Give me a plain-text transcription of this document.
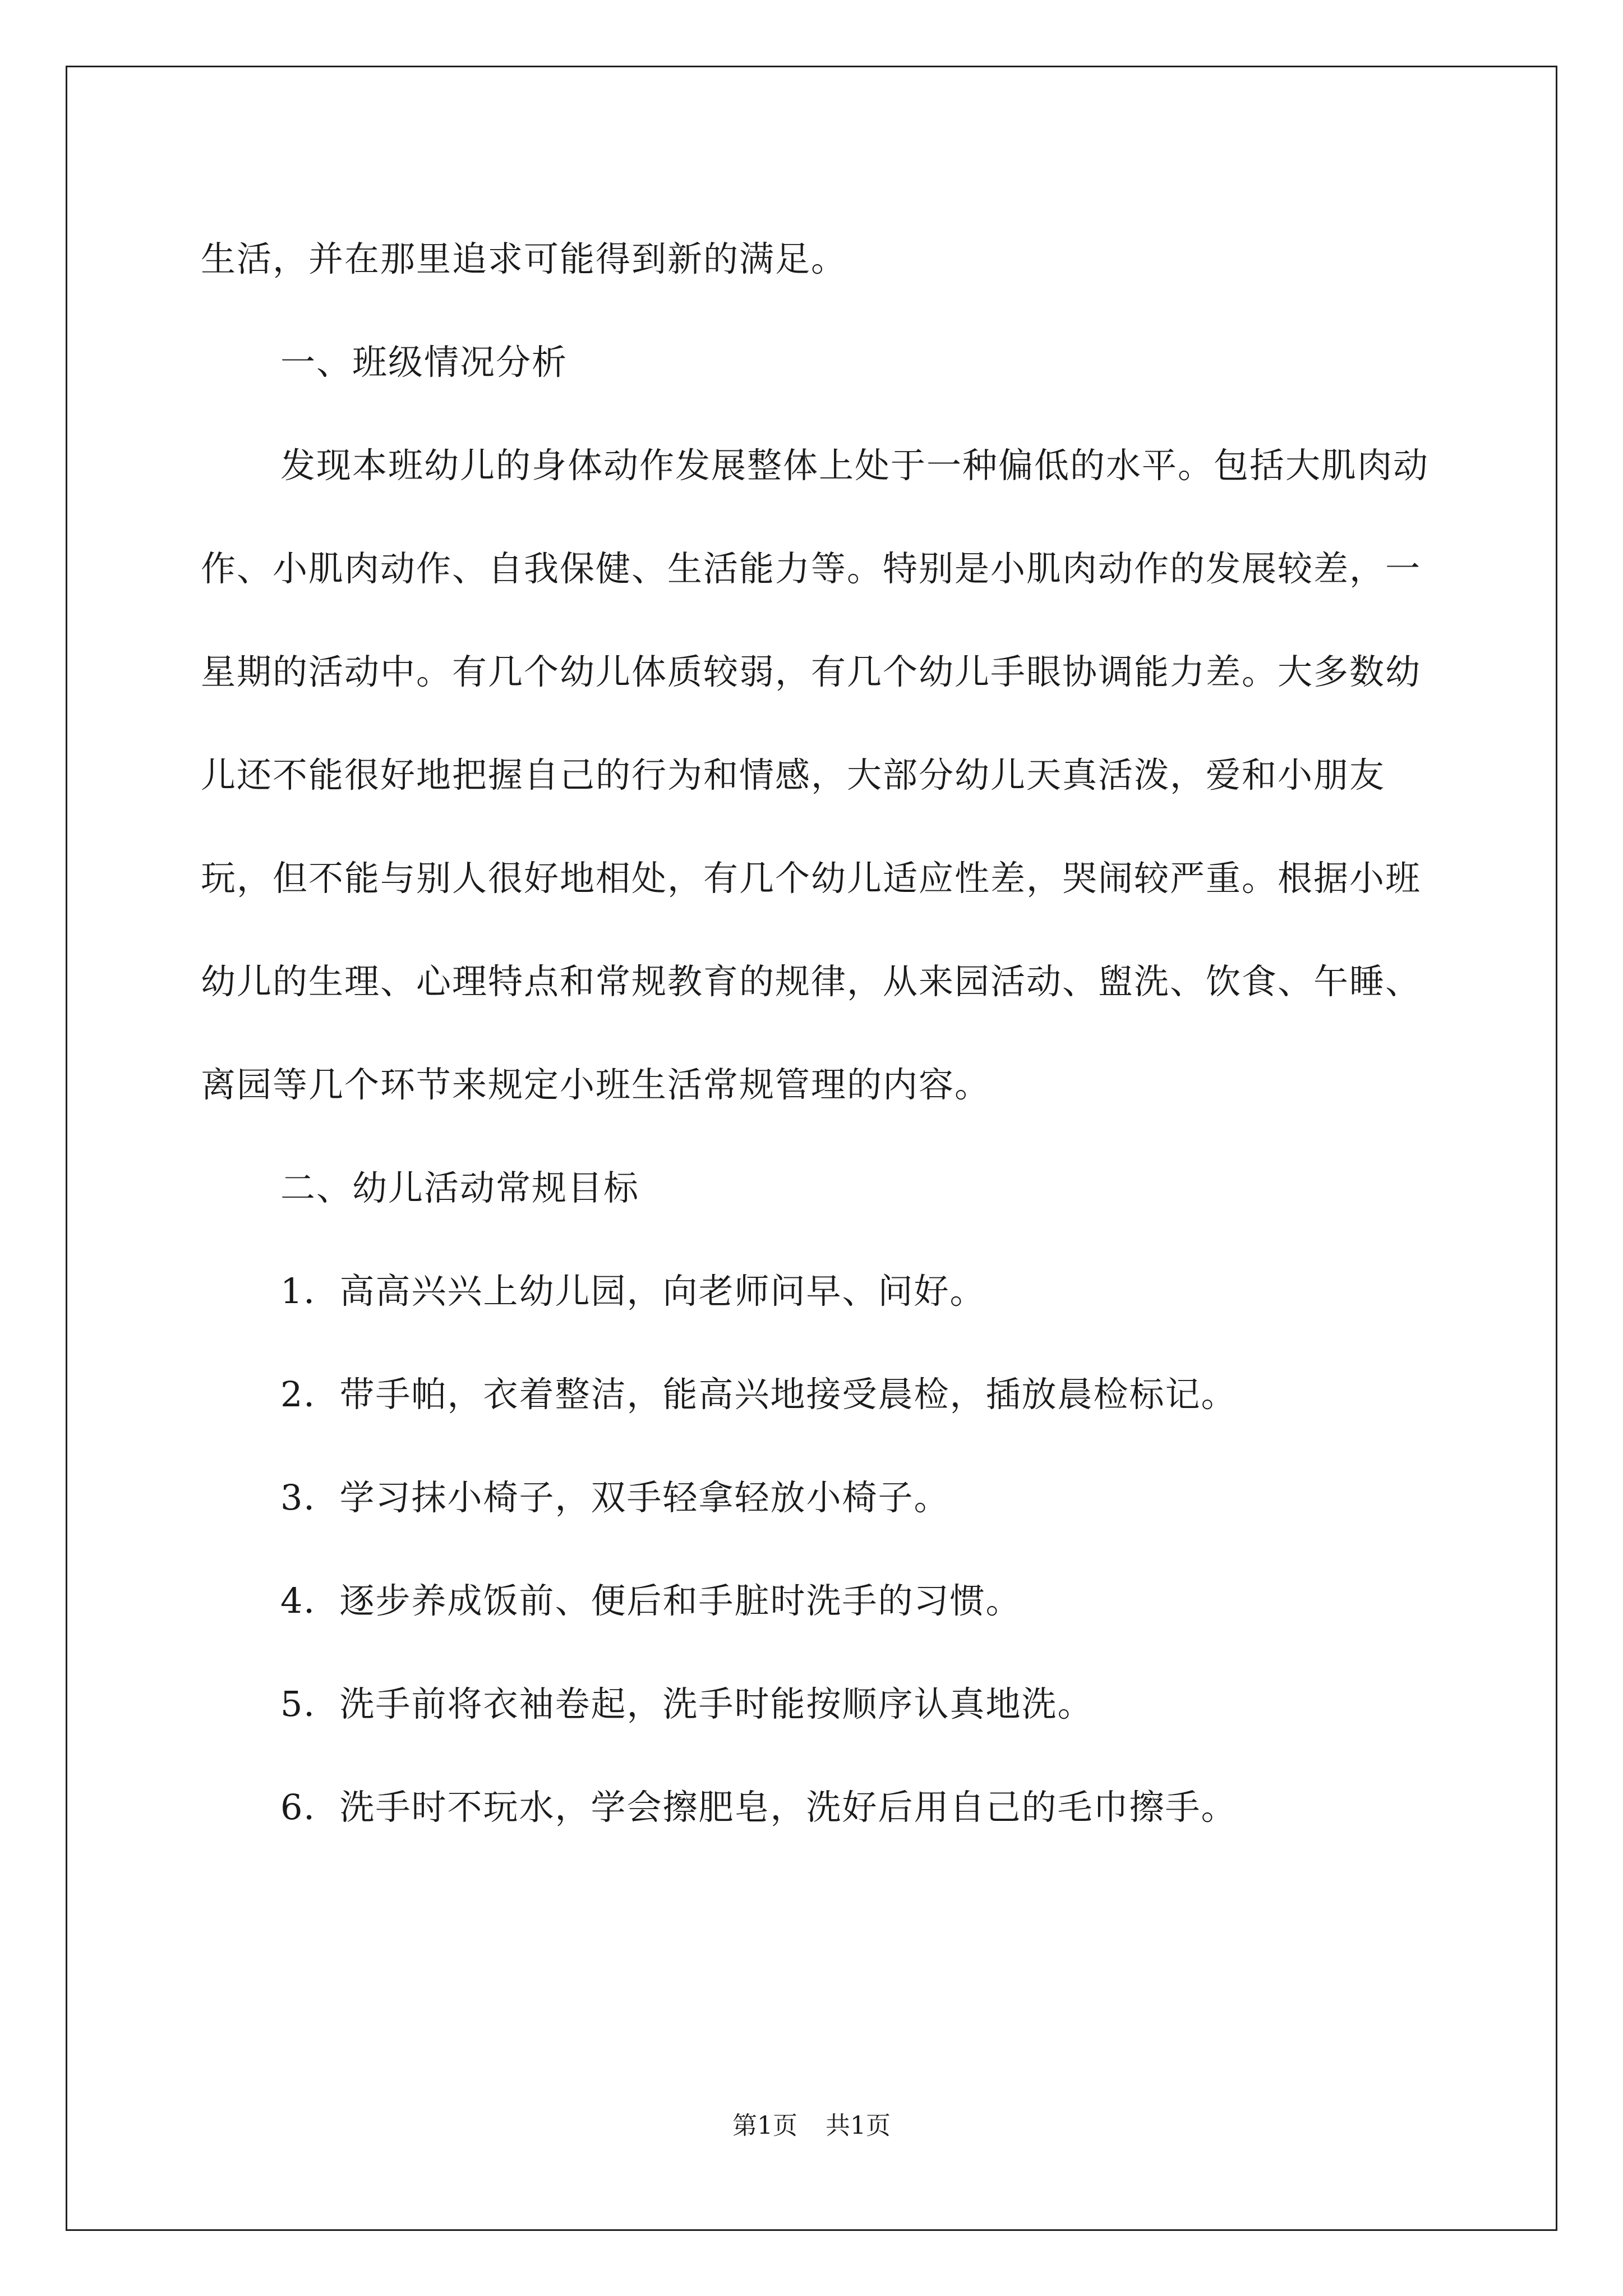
生活，并在那里追求可能得到新的满足。

一、班级情况分析

发现本班幼儿的身体动作发展整体上处于一种偏低的水平。包括大肌肉动作、小肌肉动作、自我保健、生活能力等。特别是小肌肉动作的发展较差，一星期的活动中。有几个幼儿体质较弱，有几个幼儿手眼协调能力差。大多数幼儿还不能很好地把握自己的行为和情感，大部分幼儿天真活泼，爱和小朋友玩，但不能与别人很好地相处，有几个幼儿适应性差，哭闹较严重。根据小班幼儿的生理、心理特点和常规教育的规律，从来园活动、盥洗、饮食、午睡、离园等几个环节来规定小班生活常规管理的内容。

二、幼儿活动常规目标

1．高高兴兴上幼儿园，向老师问早、问好。

2．带手帕，衣着整洁，能高兴地接受晨检，插放晨检标记。

3．学习抹小椅子，双手轻拿轻放小椅子。

4．逐步养成饭前、便后和手脏时洗手的习惯。

5．洗手前将衣袖卷起，洗手时能按顺序认真地洗。

6．洗手时不玩水，学会擦肥皂，洗好后用自己的毛巾擦手。

第1页 共1页
